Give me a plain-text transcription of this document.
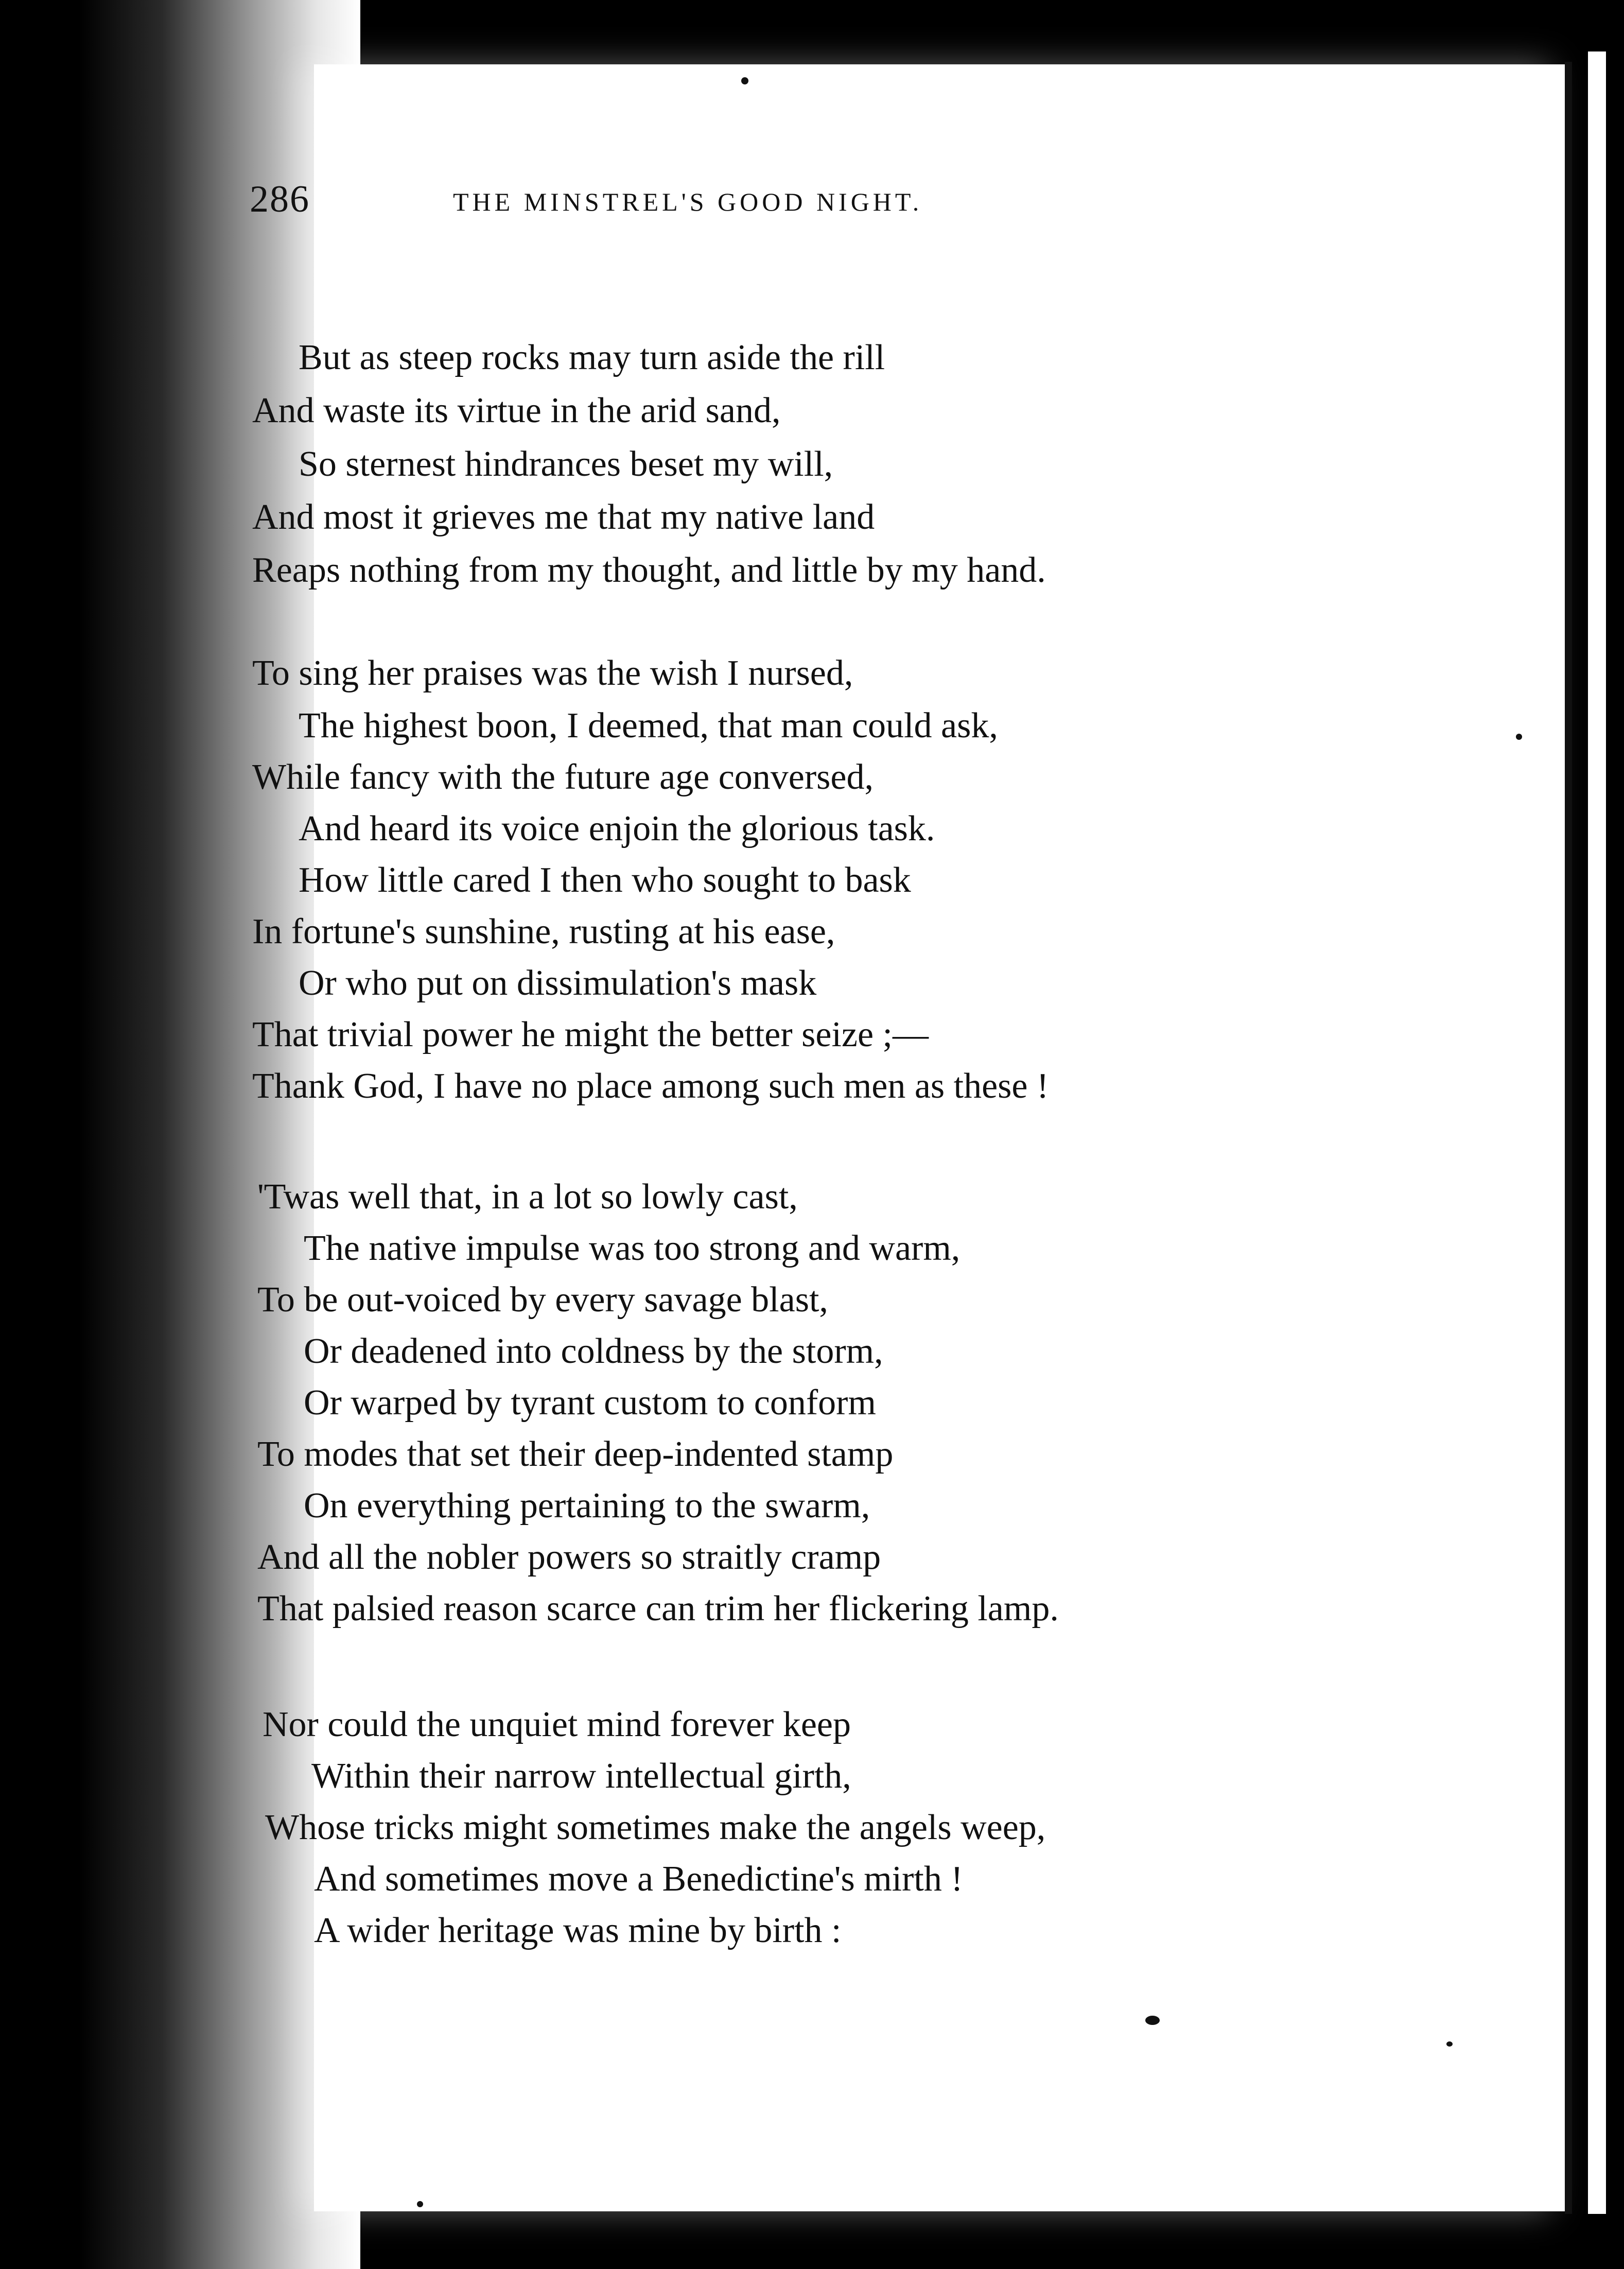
286	THE MINSTREL'S GOOD NIGHT.
But as steep rocks may turn aside the rill
And waste its virtue in the arid sand,
So sternest hindrances beset my will,
And most it grieves me that my native land
Reaps nothing from my thought, and little by my hand.
To sing her praises was the wish I nursed,
The highest boon, I deemed, that man could ask,
While fancy with the future age conversed,
And heard its voice enjoin the glorious task.
How little cared I then who sought to bask
In fortune's sunshine, rusting at his ease,
Or who put on dissimulation's mask
That trivial power he might the better seize ;—
Thank God, I have no place among such men as these !
'Twas well that, in a lot so lowly cast,
The native impulse was too strong and warm,
To be out-voiced by every savage blast,
Or deadened into coldness by the storm,
Or warped by tyrant custom to conform
To modes that set their deep-indented stamp
On everything pertaining to the swarm,
And all the nobler powers so straitly cramp
That palsied reason scarce can trim her flickering lamp.
Nor could the unquiet mind forever keep
Within their narrow intellectual girth,
Whose tricks might sometimes make the angels weep,
And sometimes move a Benedictine's mirth !
A wider heritage was mine by birth :
